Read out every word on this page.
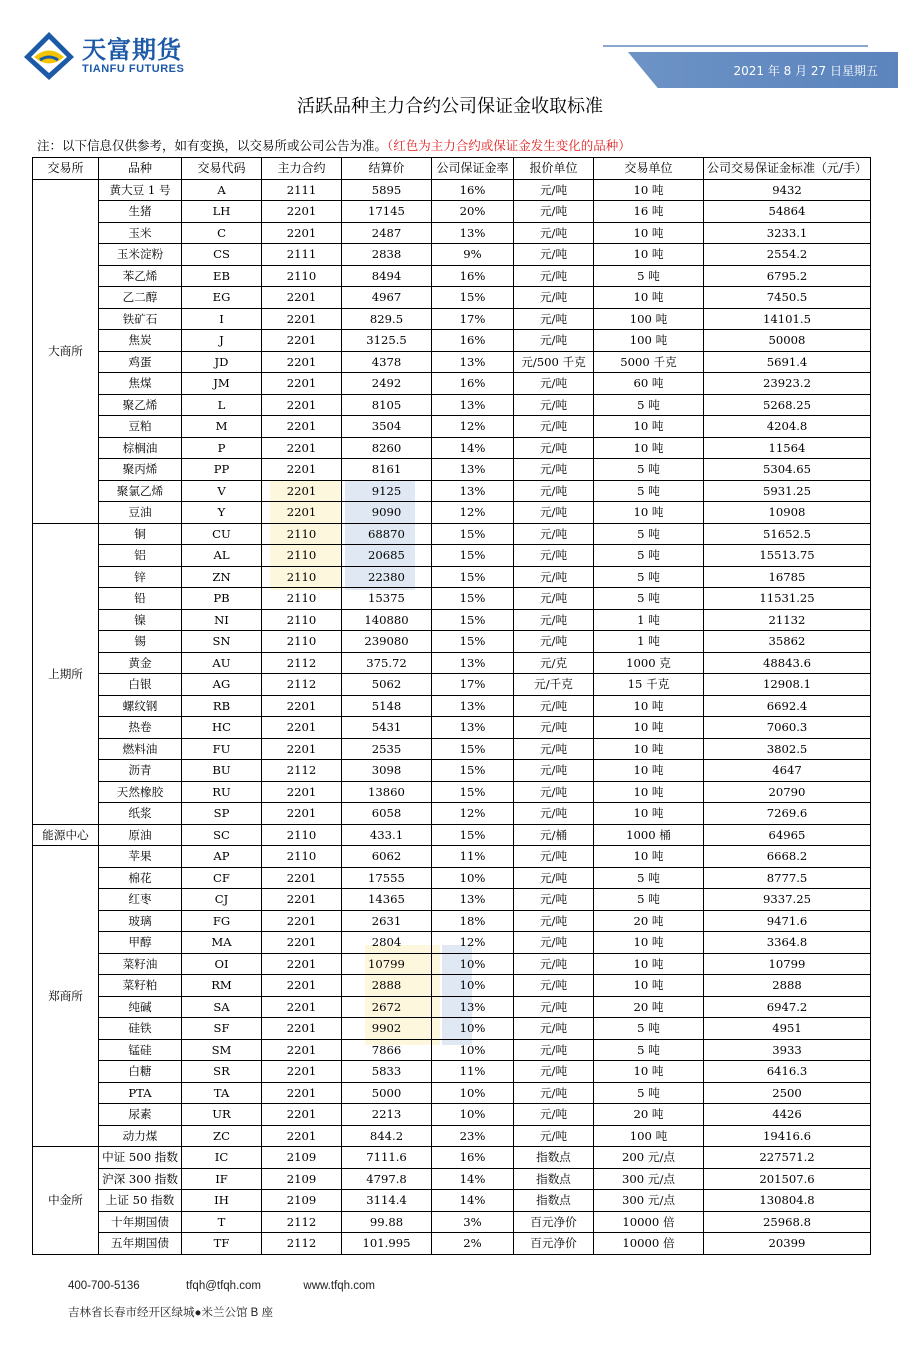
天富期货
TIANFU FUTURES	2021 年 8 月 27 日星期五
活跃品种主力合约公司保证金收取标准
注：以下信息仅供参考，如有变换，以交易所或公司公告为准。（红色为主力合约或保证金发生变化的品种）
交易所	品种	交易代码	主力合约	结算价	公司保证金率	报价单位	交易单位	公司交易保证金标准（元/手）
大商所	黄大豆 1 号	A	2111	5895	16%	元/吨	10 吨	9432
	生猪	LH	2201	17145	20%	元/吨	16 吨	54864
	玉米	C	2201	2487	13%	元/吨	10 吨	3233.1
	玉米淀粉	CS	2111	2838	9%	元/吨	10 吨	2554.2
	苯乙烯	EB	2110	8494	16%	元/吨	5 吨	6795.2
	乙二醇	EG	2201	4967	15%	元/吨	10 吨	7450.5
	铁矿石	I	2201	829.5	17%	元/吨	100 吨	14101.5
	焦炭	J	2201	3125.5	16%	元/吨	100 吨	50008
	鸡蛋	JD	2201	4378	13%	元/500 千克	5000 千克	5691.4
	焦煤	JM	2201	2492	16%	元/吨	60 吨	23923.2
	聚乙烯	L	2201	8105	13%	元/吨	5 吨	5268.25
	豆粕	M	2201	3504	12%	元/吨	10 吨	4204.8
	棕榈油	P	2201	8260	14%	元/吨	10 吨	11564
	聚丙烯	PP	2201	8161	13%	元/吨	5 吨	5304.65
	聚氯乙烯	V	2201	9125	13%	元/吨	5 吨	5931.25
	豆油	Y	2201	9090	12%	元/吨	10 吨	10908
上期所	铜	CU	2110	68870	15%	元/吨	5 吨	51652.5
	铝	AL	2110	20685	15%	元/吨	5 吨	15513.75
	锌	ZN	2110	22380	15%	元/吨	5 吨	16785
	铅	PB	2110	15375	15%	元/吨	5 吨	11531.25
	镍	NI	2110	140880	15%	元/吨	1 吨	21132
	锡	SN	2110	239080	15%	元/吨	1 吨	35862
	黄金	AU	2112	375.72	13%	元/克	1000 克	48843.6
	白银	AG	2112	5062	17%	元/千克	15 千克	12908.1
	螺纹钢	RB	2201	5148	13%	元/吨	10 吨	6692.4
	热卷	HC	2201	5431	13%	元/吨	10 吨	7060.3
	燃料油	FU	2201	2535	15%	元/吨	10 吨	3802.5
	沥青	BU	2112	3098	15%	元/吨	10 吨	4647
	天然橡胶	RU	2201	13860	15%	元/吨	10 吨	20790
	纸浆	SP	2201	6058	12%	元/吨	10 吨	7269.6
能源中心	原油	SC	2110	433.1	15%	元/桶	1000 桶	64965
郑商所	苹果	AP	2110	6062	11%	元/吨	10 吨	6668.2
	棉花	CF	2201	17555	10%	元/吨	5 吨	8777.5
	红枣	CJ	2201	14365	13%	元/吨	5 吨	9337.25
	玻璃	FG	2201	2631	18%	元/吨	20 吨	9471.6
	甲醇	MA	2201	2804	12%	元/吨	10 吨	3364.8
	菜籽油	OI	2201	10799	10%	元/吨	10 吨	10799
	菜籽粕	RM	2201	2888	10%	元/吨	10 吨	2888
	纯碱	SA	2201	2672	13%	元/吨	20 吨	6947.2
	硅铁	SF	2201	9902	10%	元/吨	5 吨	4951
	锰硅	SM	2201	7866	10%	元/吨	5 吨	3933
	白糖	SR	2201	5833	11%	元/吨	10 吨	6416.3
	PTA	TA	2201	5000	10%	元/吨	5 吨	2500
	尿素	UR	2201	2213	10%	元/吨	20 吨	4426
	动力煤	ZC	2201	844.2	23%	元/吨	100 吨	19416.6
中金所	中证 500 指数	IC	2109	7111.6	16%	指数点	200 元/点	227571.2
	沪深 300 指数	IF	2109	4797.8	14%	指数点	300 元/点	201507.6
	上证 50 指数	IH	2109	3114.4	14%	指数点	300 元/点	130804.8
	十年期国债	T	2112	99.88	3%	百元净价	10000 倍	25968.8
	五年期国债	TF	2112	101.995	2%	百元净价	10000 倍	20399
400-700-5136	tfqh@tfqh.com	www.tfqh.com
吉林省长春市经开区绿城●米兰公馆 B 座
